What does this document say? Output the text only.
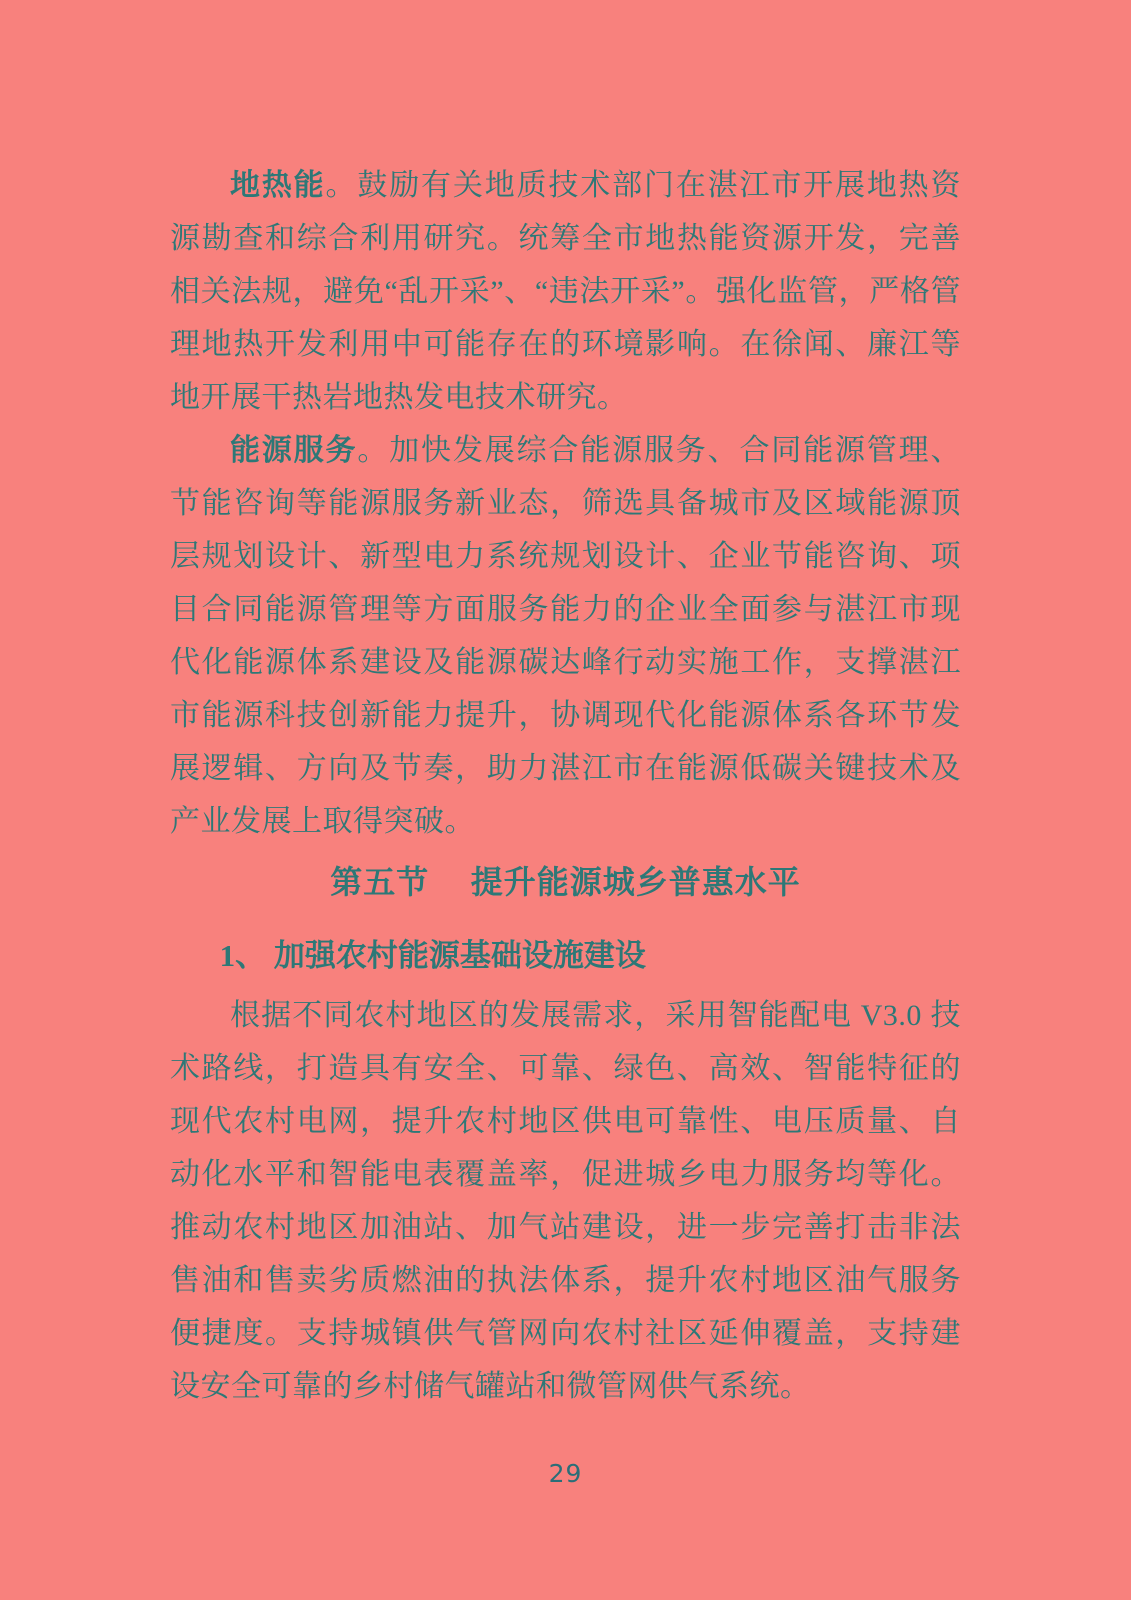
地热能。鼓励有关地质技术部门在湛江市开展地热资源勘查和综合利用研究。统筹全市地热能资源开发，完善相关法规，避免“乱开采”、“违法开采”。强化监管，严格管理地热开发利用中可能存在的环境影响。在徐闻、廉江等地开展干热岩地热发电技术研究。

能源服务。加快发展综合能源服务、合同能源管理、节能咨询等能源服务新业态，筛选具备城市及区域能源顶层规划设计、新型电力系统规划设计、企业节能咨询、项目合同能源管理等方面服务能力的企业全面参与湛江市现代化能源体系建设及能源碳达峰行动实施工作，支撑湛江市能源科技创新能力提升，协调现代化能源体系各环节发展逻辑、方向及节奏，助力湛江市在能源低碳关键技术及产业发展上取得突破。

第五节 提升能源城乡普惠水平
1、 加强农村能源基础设施建设

根据不同农村地区的发展需求，采用智能配电 V3.0 技术路线，打造具有安全、可靠、绿色、高效、智能特征的现代农村电网，提升农村地区供电可靠性、电压质量、自动化水平和智能电表覆盖率，促进城乡电力服务均等化。推动农村地区加油站、加气站建设，进一步完善打击非法售油和售卖劣质燃油的执法体系，提升农村地区油气服务便捷度。支持城镇供气管网向农村社区延伸覆盖，支持建设安全可靠的乡村储气罐站和微管网供气系统。

29
